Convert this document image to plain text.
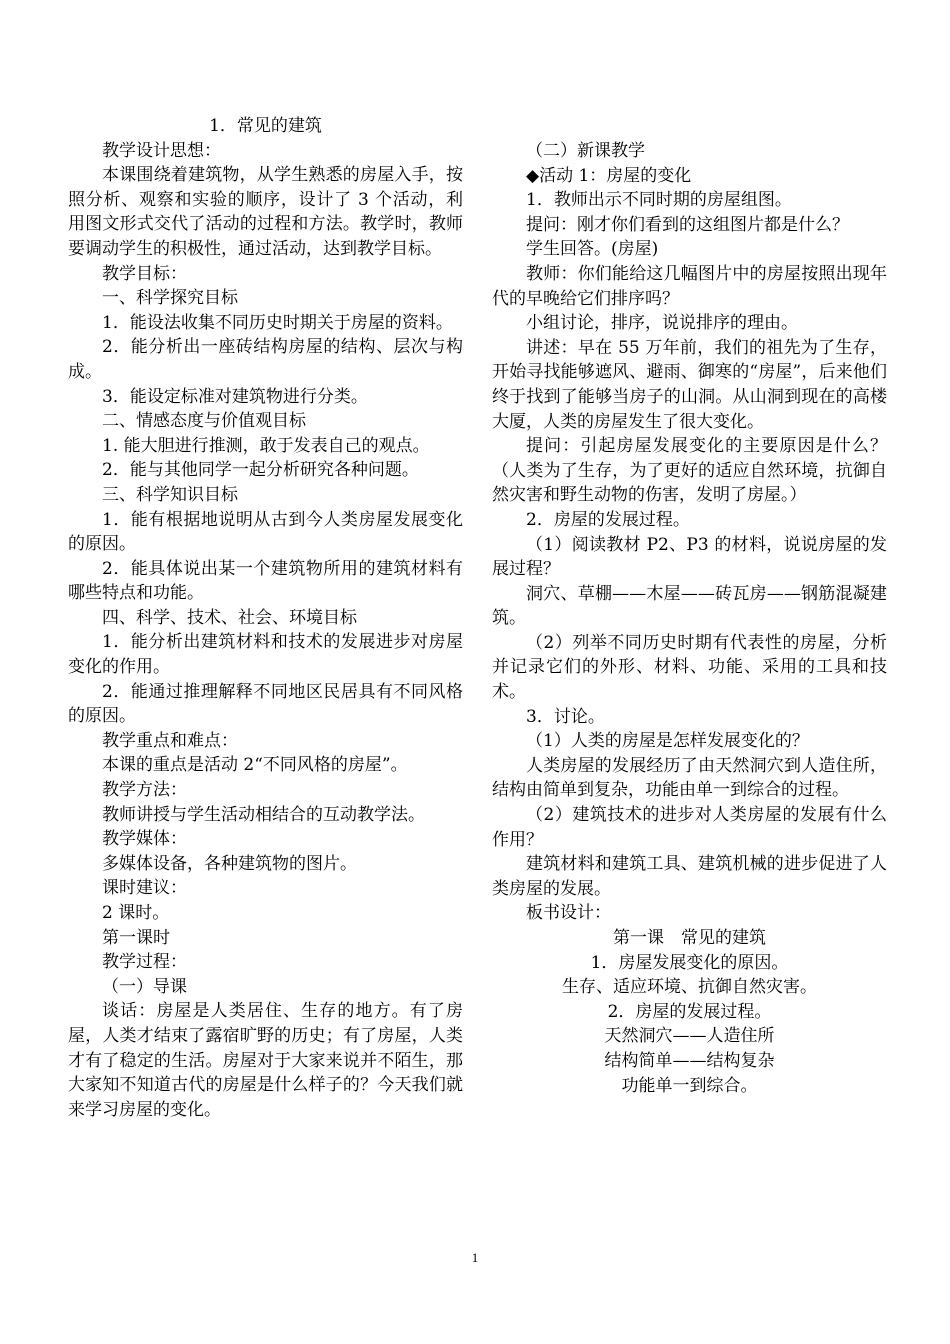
1．常见的建筑

教学设计思想：

本课围绕着建筑物，从学生熟悉的房屋入手，按照分析、观察和实验的顺序，设计了 3 个活动，利用图文形式交代了活动的过程和方法。教学时，教师要调动学生的积极性，通过活动，达到教学目标。

教学目标：

一、科学探究目标

1．能设法收集不同历史时期关于房屋的资料。

2．能分析出一座砖结构房屋的结构、层次与构成。

3．能设定标准对建筑物进行分类。

二、情感态度与价值观目标

1. 能大胆进行推测，敢于发表自己的观点。

2．能与其他同学一起分析研究各种问题。

三、科学知识目标

1．能有根据地说明从古到今人类房屋发展变化的原因。

2．能具体说出某一个建筑物所用的建筑材料有哪些特点和功能。

四、科学、技术、社会、环境目标

1．能分析出建筑材料和技术的发展进步对房屋变化的作用。

2．能通过推理解释不同地区民居具有不同风格的原因。

教学重点和难点：

本课的重点是活动 2“不同风格的房屋”。

教学方法：

教师讲授与学生活动相结合的互动教学法。

教学媒体：

多媒体设备，各种建筑物的图片。

课时建议：

2 课时。

第一课时

教学过程：

（一）导课

谈话：房屋是人类居住、生存的地方。有了房屋，人类才结束了露宿旷野的历史；有了房屋，人类才有了稳定的生活。房屋对于大家来说并不陌生，那大家知不知道古代的房屋是什么样子的？今天我们就来学习房屋的变化。

（二）新课教学

◆活动 1：房屋的变化

1．教师出示不同时期的房屋组图。

提问：刚才你们看到的这组图片都是什么？

学生回答。(房屋)

教师：你们能给这几幅图片中的房屋按照出现年代的早晚给它们排序吗？

小组讨论，排序，说说排序的理由。

讲述：早在 55 万年前，我们的祖先为了生存，开始寻找能够遮风、避雨、御寒的“房屋”，后来他们终于找到了能够当房子的山洞。从山洞到现在的高楼大厦，人类的房屋发生了很大变化。

提问：引起房屋发展变化的主要原因是什么？（人类为了生存，为了更好的适应自然环境，抗御自然灾害和野生动物的伤害，发明了房屋。）

2．房屋的发展过程。

（1）阅读教材 P2、P3 的材料，说说房屋的发展过程？

洞穴、草棚——木屋——砖瓦房——钢筋混凝建筑。

（2）列举不同历史时期有代表性的房屋，分析并记录它们的外形、材料、功能、采用的工具和技术。

3．讨论。

（1）人类的房屋是怎样发展变化的？

人类房屋的发展经历了由天然洞穴到人造住所，结构由简单到复杂，功能由单一到综合的过程。

（2）建筑技术的进步对人类房屋的发展有什么作用？

建筑材料和建筑工具、建筑机械的进步促进了人类房屋的发展。

板书设计：

第一课　常见的建筑

1．房屋发展变化的原因。

生存、适应环境、抗御自然灾害。

2．房屋的发展过程。

天然洞穴——人造住所

结构简单——结构复杂

功能单一到综合。

1
